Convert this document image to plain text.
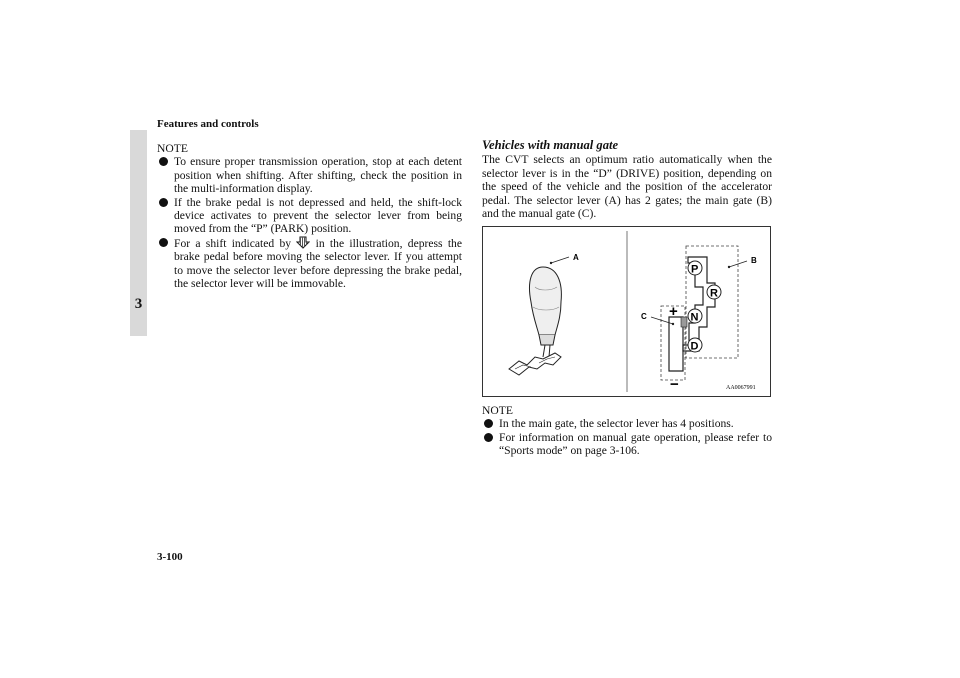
Features and controls
3
3-100
NOTE
To ensure proper transmission operation, stop at each detent position when shifting. After shifting, check the position in the multi-information display.
If the brake pedal is not depressed and held, the shift-lock device activates to prevent the selector lever from being moved from the “P” (PARK) position.
For a shift indicated by in the illustration, depress the brake pedal before moving the selector lever. If you attempt to move the selector lever before depressing the brake pedal, the selector lever will be immovable.
Vehicles with manual gate
The CVT selects an optimum ratio automatically when the selector lever is in the “D” (DRIVE) position, depending on the speed of the vehicle and the position of the accelerator pedal. The selector lever (A) has 2 gates; the main gate (B) and the manual gate (C).
A
P
R
N
D
+
−
B
C
AA0067991
NOTE
In the main gate, the selector lever has 4 positions.
For information on manual gate operation, please refer to “Sports mode” on page 3-106.
